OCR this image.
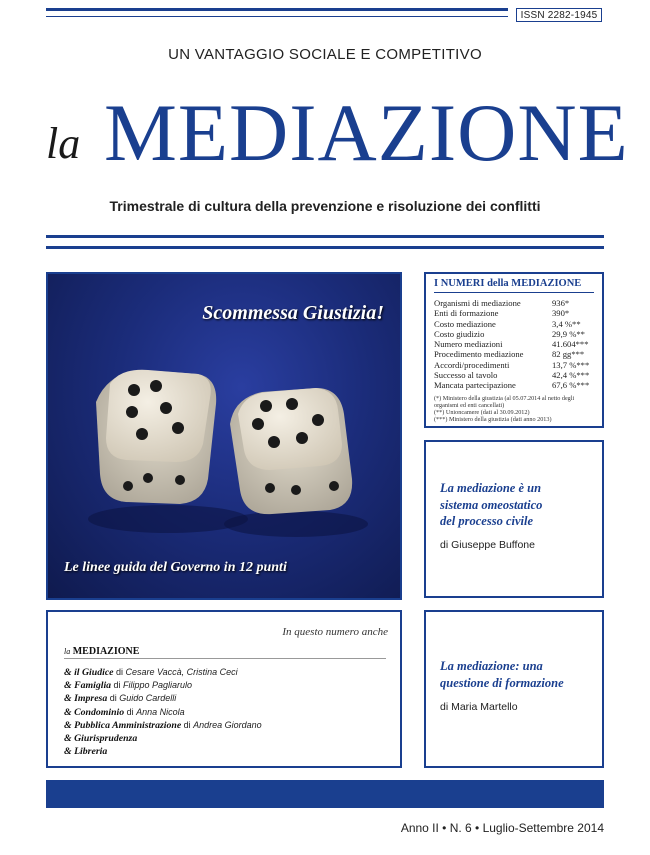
ISSN 2282-1945
UN VANTAGGIO SOCIALE E COMPETITIVO
la MEDIAZIONE
Trimestrale di cultura della prevenzione e risoluzione dei conflitti
Scommessa Giustizia!
Le linee guida del Governo in 12 punti
I NUMERI della MEDIAZIONE
Organismi di mediazione	936*
Enti di formazione	390*
Costo mediazione	3,4 %**
Costo giudizio	29,9 %**
Numero mediazioni	41.604***
Procedimento mediazione	82 gg***
Accordi/procedimenti	13,7 %***
Successo al tavolo	42,4 %***
Mancata partecipazione	67,6 %***
(*) Ministero della giustizia (al 05.07.2014 al netto degli organismi ed enti cancellati)
(**) Unioncamere (dati al 30.09.2012)
(***) Ministero della giustizia (dati anno 2013)
La mediazione è un
sistema omeostatico
del processo civile
di Giuseppe Buffone
La mediazione: una
questione di formazione
di Maria Martello
In questo numero anche
la MEDIAZIONE
& il Giudice di Cesare Vaccà, Cristina Ceci
& Famiglia di Filippo Pagliarulo
& Impresa di Guido Cardelli
& Condominio di Anna Nicola
& Pubblica Amministrazione di Andrea Giordano
& Giurisprudenza
& Libreria
Anno II • N. 6 • Luglio-Settembre 2014
